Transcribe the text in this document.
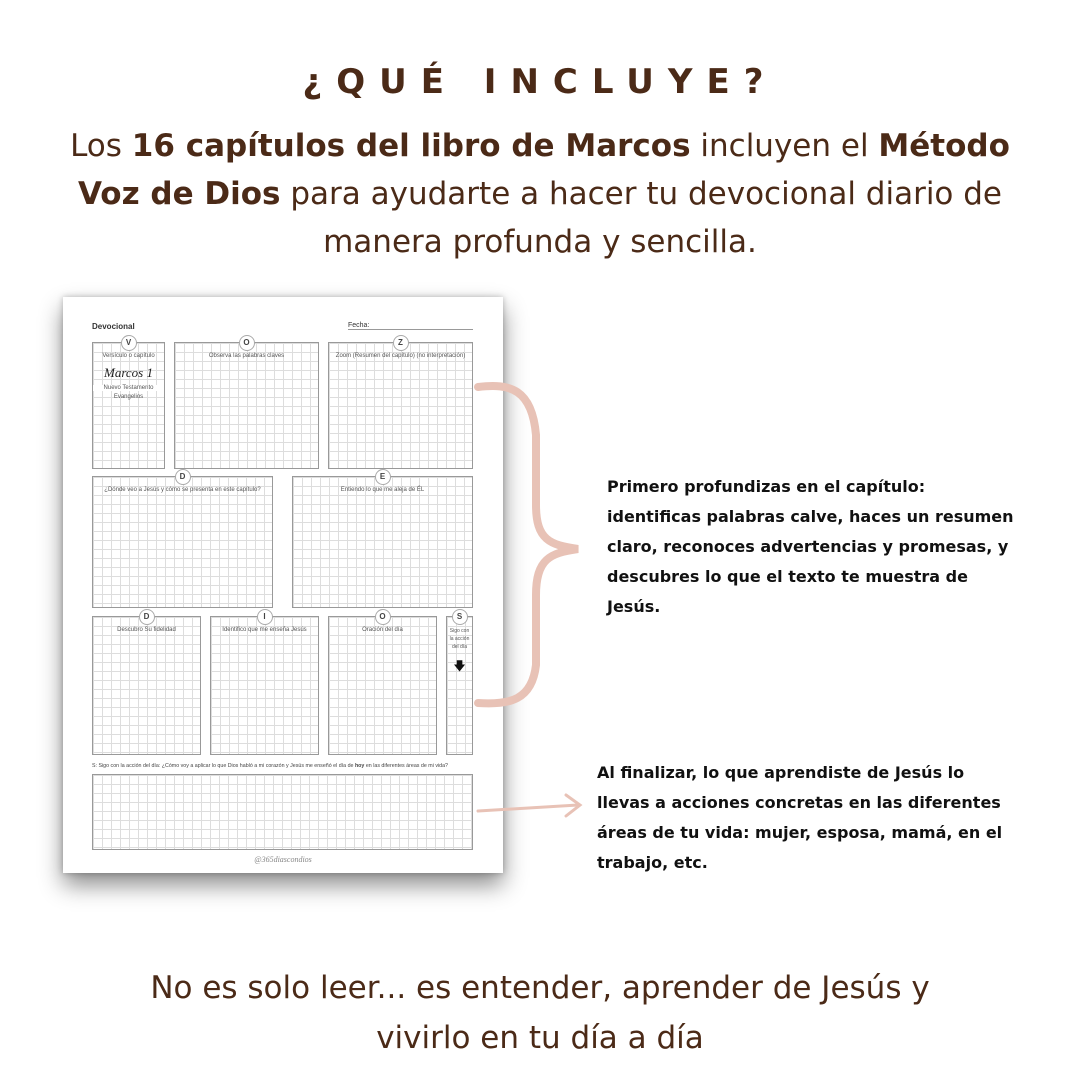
¿QUÉ INCLUYE?
Los 16 capítulos del libro de Marcos incluyen el Método Voz de Dios para ayudarte a hacer tu devocional diario de manera profunda y sencilla.
Devocional	Fecha:
V
Versículo o capítulo
Marcos 1
Nuevo Testamento
Evangelios
O
Observa las palabras claves
Z
Zoom (Resumen del capítulo) (no interpretación)
D
¿Dónde veo a Jesús y cómo se presenta en este capítulo?
E
Entiendo lo que me aleja de ÉL
D
Descubro Su fidelidad
I
Identifico que me enseña Jesús
O
Oración del día
S
Sigo con la acción del día
🡇
S: Sigo con la acción del día: ¿Cómo voy a aplicar lo que Dios habló a mi corazón y Jesús me enseñó el día de hoy en las diferentes áreas de mi vida?
@365diascondios
Primero profundizas en el capítulo: identificas palabras calve, haces un resumen claro, reconoces advertencias y promesas, y descubres lo que el texto te muestra de Jesús.
Al finalizar, lo que aprendiste de Jesús lo llevas a acciones concretas en las diferentes áreas de tu vida: mujer, esposa, mamá, en el trabajo, etc.
No es solo leer... es entender, aprender de Jesús y vivirlo en tu día a día
